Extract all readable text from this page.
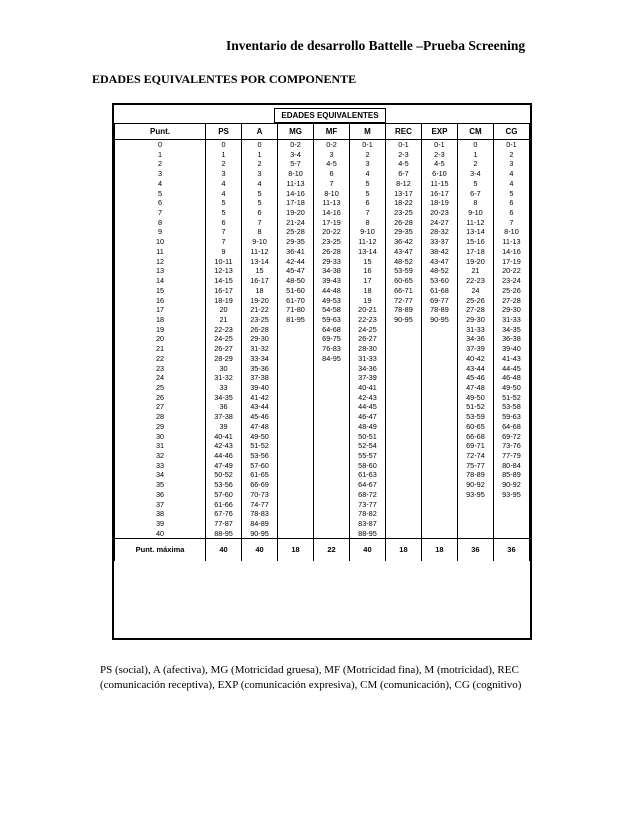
Inventario de desarrollo Battelle –Prueba Screening
EDADES EQUIVALENTES POR COMPONENTE
EDADES EQUIVALENTES
Punt.	PS	A	MG	MF	M	REC	EXP	CM	CG
0	0	0	0-2	0-2	0-1	0-1	0-1	0	0-1
1	1	1	3-4	3	2	2-3	2-3	1	2
2	2	2	5-7	4-5	3	4-5	4-5	2	3
3	3	3	8-10	6	4	6-7	6-10	3-4	4
4	4	4	11-13	7	5	8-12	11-15	5	4
5	4	5	14-16	8-10	5	13-17	16-17	6-7	5
6	5	5	17-18	11-13	6	18-22	18-19	8	6
7	5	6	19-20	14-16	7	23-25	20-23	9-10	6
8	6	7	21-24	17-19	8	26-28	24-27	11-12	7
9	7	8	25-28	20-22	9-10	29-35	28-32	13-14	8-10
10	7	9-10	29-35	23-25	11-12	36-42	33-37	15-16	11-13
11	9	11-12	36-41	26-28	13-14	43-47	38-42	17-18	14-16
12	10-11	13-14	42-44	29-33	15	48-52	43-47	19-20	17-19
13	12-13	15	45-47	34-38	16	53-59	48-52	21	20-22
14	14-15	16-17	48-50	39-43	17	60-65	53-60	22-23	23-24
15	16-17	18	51-60	44-48	18	66-71	61-68	24	25-26
16	18-19	19-20	61-70	49-53	19	72-77	69-77	25-26	27-28
17	20	21-22	71-80	54-58	20-21	78-89	78-89	27-28	29-30
18	21	23-25	81-95	59-63	22-23	90-95	90-95	29-30	31-33
19	22-23	26-28		64-68	24-25			31-33	34-35
20	24-25	29-30		69-75	26-27			34-36	36-38
21	26-27	31-32		76-83	28-30			37-39	39-40
22	28-29	33-34		84-95	31-33			40-42	41-43
23	30	35-36			34-36			43-44	44-45
24	31-32	37-38			37-39			45-46	46-48
25	33	39-40			40-41			47-48	49-50
26	34-35	41-42			42-43			49-50	51-52
27	36	43-44			44-45			51-52	53-58
28	37-38	45-46			46-47			53-59	59-63
29	39	47-48			48-49			60-65	64-68
30	40-41	49-50			50-51			66-68	69-72
31	42-43	51-52			52-54			69-71	73-76
32	44-46	53-56			55-57			72-74	77-79
33	47-49	57-60			58-60			75-77	80-84
34	50-52	61-65			61-63			78-89	85-89
35	53-56	66-69			64-67			90-92	90-92
36	57-60	70-73			68-72			93-95	93-95
37	61-66	74-77			73-77				
38	67-76	78-83			78-82				
39	77-87	84-89			83-87				
40	88-95	90-95			88-95				
Punt. máxima	40	40	18	22	40	18	18	36	36
PS (social), A (afectiva), MG (Motricidad gruesa), MF (Motricidad fina), M (motricidad), REC
(comunicación receptiva), EXP (comunicación expresiva), CM (comunicación), CG (cognitivo)
